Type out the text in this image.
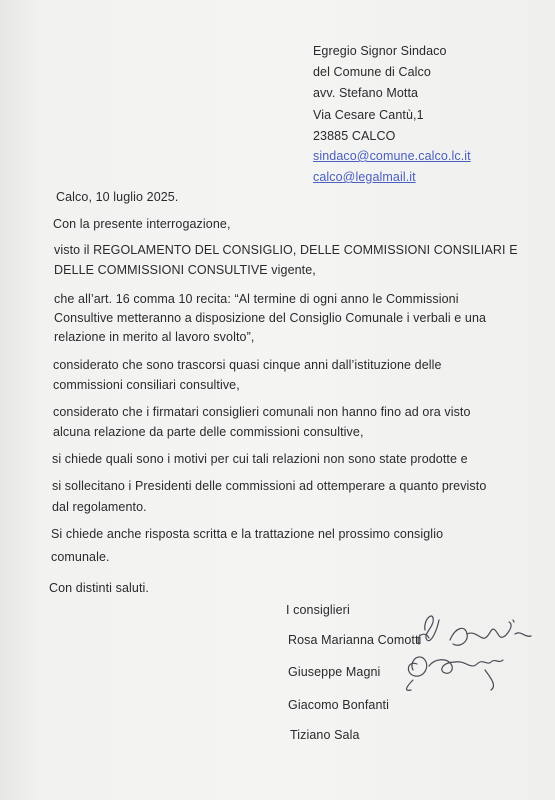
Egregio Signor Sindaco
del Comune di Calco
avv. Stefano Motta
Via Cesare Cantù,1
23885 CALCO
sindaco@comune.calco.lc.it
calco@legalmail.it
Calco, 10 luglio 2025.
Con la presente interrogazione,
visto il REGOLAMENTO DEL CONSIGLIO, DELLE COMMISSIONI CONSILIARI E
DELLE COMMISSIONI CONSULTIVE vigente,
che all’art. 16 comma 10 recita: “Al termine di ogni anno le Commissioni
Consultive metteranno a disposizione del Consiglio Comunale i verbali e una
relazione in merito al lavoro svolto”,
considerato che sono trascorsi quasi cinque anni dall’istituzione delle
commissioni consiliari consultive,
considerato che i firmatari consiglieri comunali non hanno fino ad ora visto
alcuna relazione da parte delle commissioni consultive,
si chiede quali sono i motivi per cui tali relazioni non sono state prodotte e
si sollecitano i Presidenti delle commissioni ad ottemperare a quanto previsto
dal regolamento.
Si chiede anche risposta scritta e la trattazione nel prossimo consiglio
comunale.
Con distinti saluti.
I consiglieri
Rosa Marianna Comotti
Giuseppe Magni
Giacomo Bonfanti
Tiziano Sala
